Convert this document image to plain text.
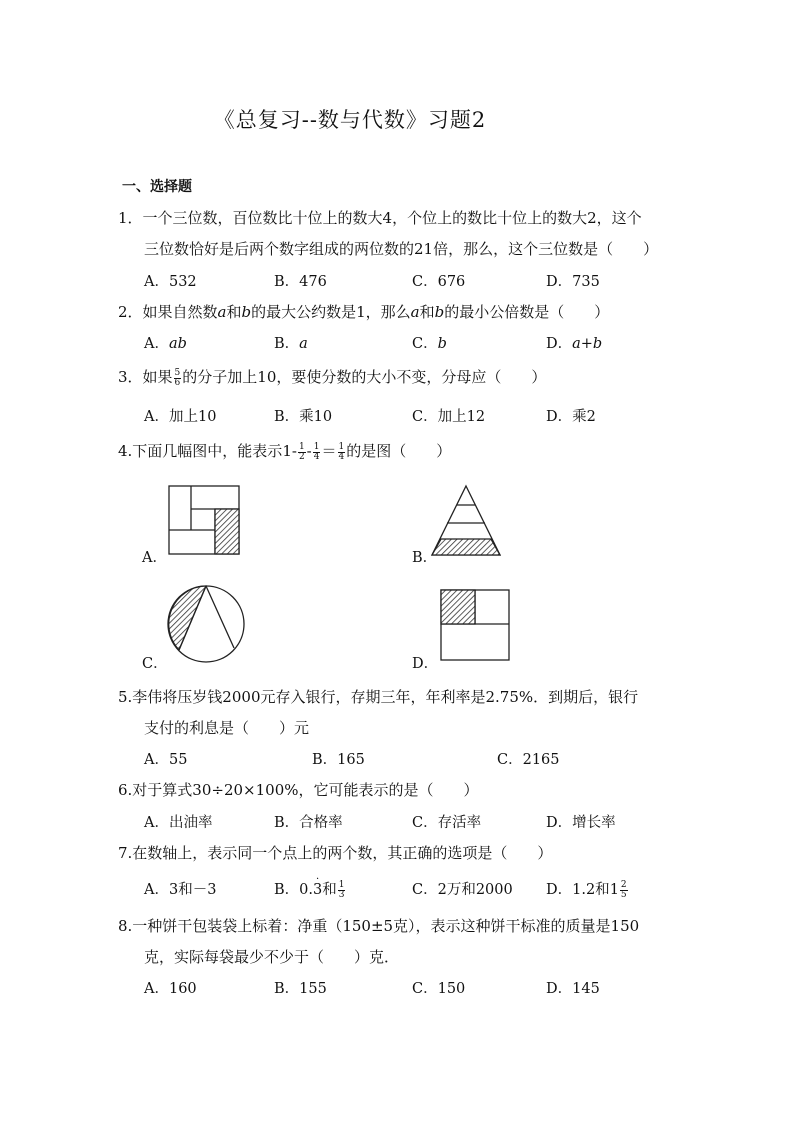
《总复习--数与代数》习题2
一、选择题
1．一个三位数，百位数比十位上的数大4，个位上的数比十位上的数大2，这个
三位数恰好是后两个数字组成的两位数的21倍，那么，这个三位数是（　　）
A．532	B．476	C．676	D．735
2．如果自然数a和b的最大公约数是1，那么a和b的最小公倍数是（　　）
A．ab	B．a	C．b	D．a+b
3．如果 $\frac{5}{6}$ 的分子加上10，要使分数的大小不变，分母应（　　）
A．加上10	B．乘10	C．加上12	D．乘2
4.下面几幅图中，能表示$1- \frac{1}{2} - \frac{1}{4} = \frac{1}{4}$ 的是图（　　）
A．	B．
C．	D．
5.李伟将压岁钱2000元存入银行，存期三年，年利率是2.75%．到期后，银行
支付的利息是（　　）元
A．55	B．165	C．2165
6.对于算式30÷20×100%，它可能表示的是（　　）
A．出油率	B．合格率	C．存活率	D．增长率
7.在数轴上，表示同一个点上的两个数，其正确的选项是（　　）
A．3和－3	B．0.
·
3和 $\frac{1}{3}$	C．2万和2000 D．1.2和$1 \frac{2}{5}$
8.一种饼干包装袋上标着：净重（150±5克），表示这种饼干标准的质量是150
克，实际每袋最少不少于（　　）克．
A．160	B．155	C．150	D．145
